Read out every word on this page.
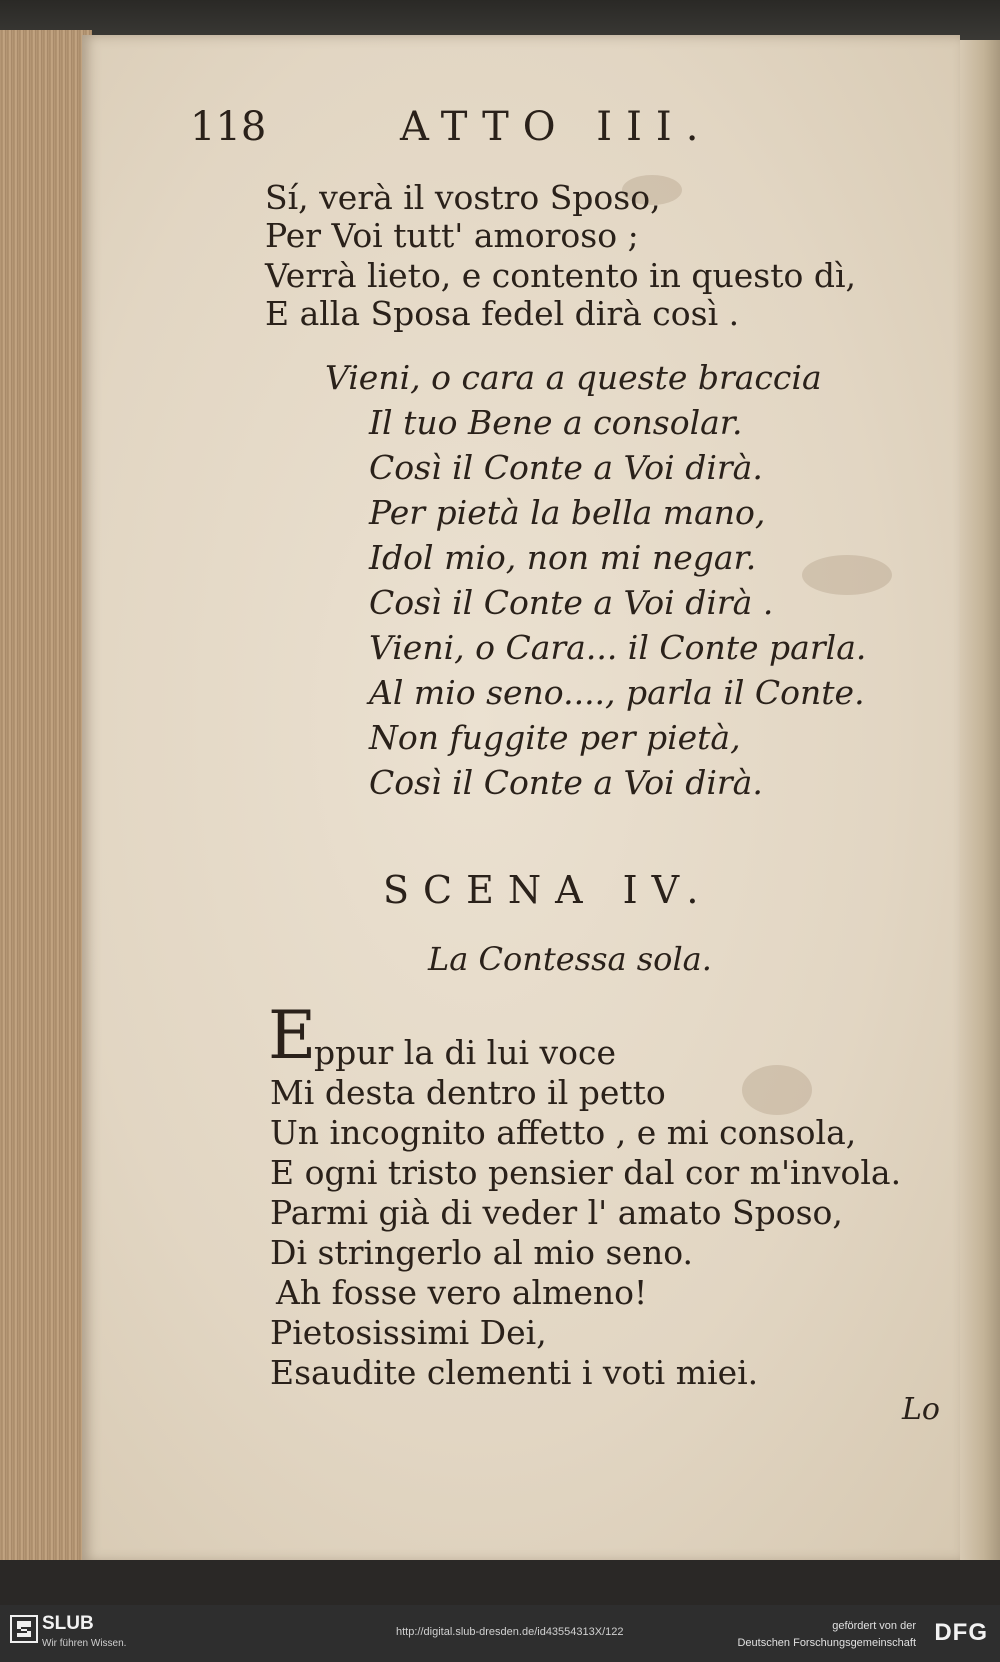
118	ATTO III.
Sí, verà il vostro Sposo,
Per Voi tutt' amoroso ;
Verrà lieto, e contento in questo dì,
E alla Sposa fedel dirà così .
Vieni, o cara a queste braccia
Il tuo Bene a consolar.
Così il Conte a Voi dirà.
Per pietà la bella mano,
Idol mio, non mi negar.
Così il Conte a Voi dirà .
Vieni, o Cara... il Conte parla.
Al mio seno...., parla il Conte.
Non fuggite per pietà,
Così il Conte a Voi dirà.
SCENA IV.
La Contessa sola.
E
ppur la di lui voce
Mi desta dentro il petto
Un incognito affetto , e mi consola,
E ogni tristo pensier dal cor m'invola.
Parmi già di veder l' amato Sposo,
Di stringerlo al mio seno.
Ah fosse vero almeno!
Pietosissimi Dei,
Esaudite clementi i voti miei.
Lo
SLUB
Wir führen Wissen.
http://digital.slub-dresden.de/id43554313X/122	gefördert von der
Deutschen Forschungsgemeinschaft DFG
